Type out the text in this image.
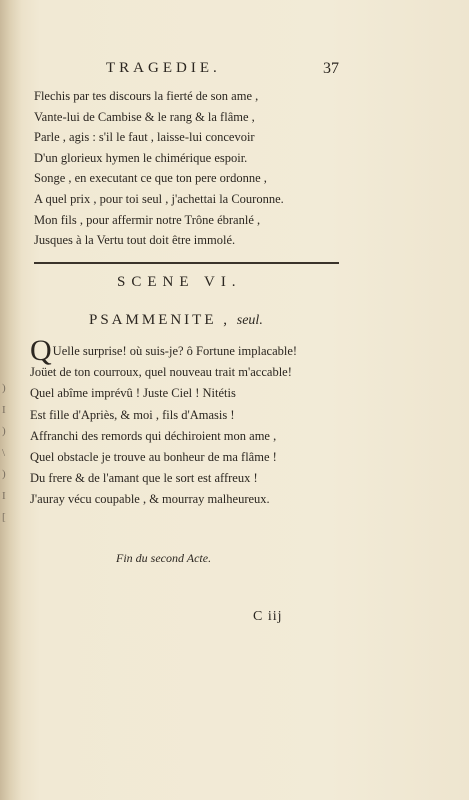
)
I
)
\
)
I
[
TRAGEDIE.	37
Flechis par tes discours la fierté de son ame ,
Vante-lui de Cambise & le rang & la flâme ,
Parle , agis : s'il le faut , laisse-lui concevoir
D'un glorieux hymen le chimérique espoir.
Songe , en executant ce que ton pere ordonne ,
A quel prix , pour toi seul , j'achettai la Couronne.
Mon fils , pour affermir notre Trône ébranlé ,
Jusques à la Vertu tout doit être immolé.
SCENE VI.
PSAMMENITE , seul.
QUelle surprise! où suis-je? ô Fortune implacable!
Joüet de ton courroux, quel nouveau trait m'accable!
Quel abîme imprévû ! Juste Ciel ! Nitétis
Est fille d'Apriès, & moi , fils d'Amasis !
Affranchi des remords qui déchiroient mon ame ,
Quel obstacle je trouve au bonheur de ma flâme !
Du frere & de l'amant que le sort est affreux !
J'auray vécu coupable , & mourray malheureux.
Fin du second Acte.
C iij
